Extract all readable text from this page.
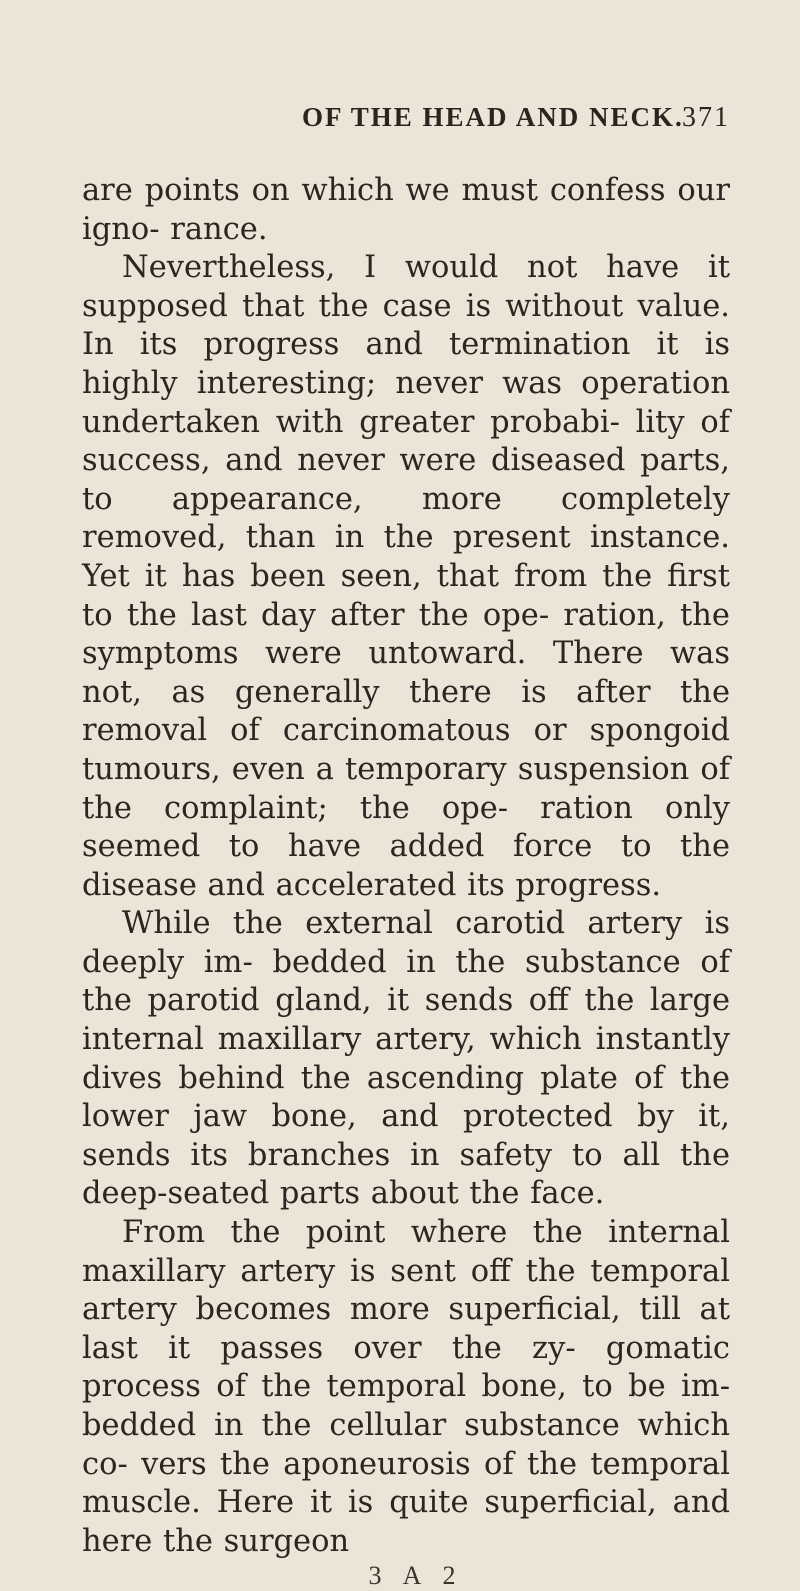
OF THE HEAD AND NECK.
371

are points on which we must confess our igno- rance.

Nevertheless, I would not have it supposed that the case is without value. In its progress and termination it is highly interesting; never was operation undertaken with greater probabi- lity of success, and never were diseased parts, to appearance, more completely removed, than in the present instance. Yet it has been seen, that from the first to the last day after the ope- ration, the symptoms were untoward. There was not, as generally there is after the removal of carcinomatous or spongoid tumours, even a temporary suspension of the complaint; the ope- ration only seemed to have added force to the disease and accelerated its progress.

While the external carotid artery is deeply im- bedded in the substance of the parotid gland, it sends off the large internal maxillary artery, which instantly dives behind the ascending plate of the lower jaw bone, and protected by it, sends its branches in safety to all the deep-seated parts about the face.

From the point where the internal maxillary artery is sent off the temporal artery becomes more superficial, till at last it passes over the zy- gomatic process of the temporal bone, to be im- bedded in the cellular substance which co- vers the aponeurosis of the temporal muscle. Here it is quite superficial, and here the surgeon

3 A 2
